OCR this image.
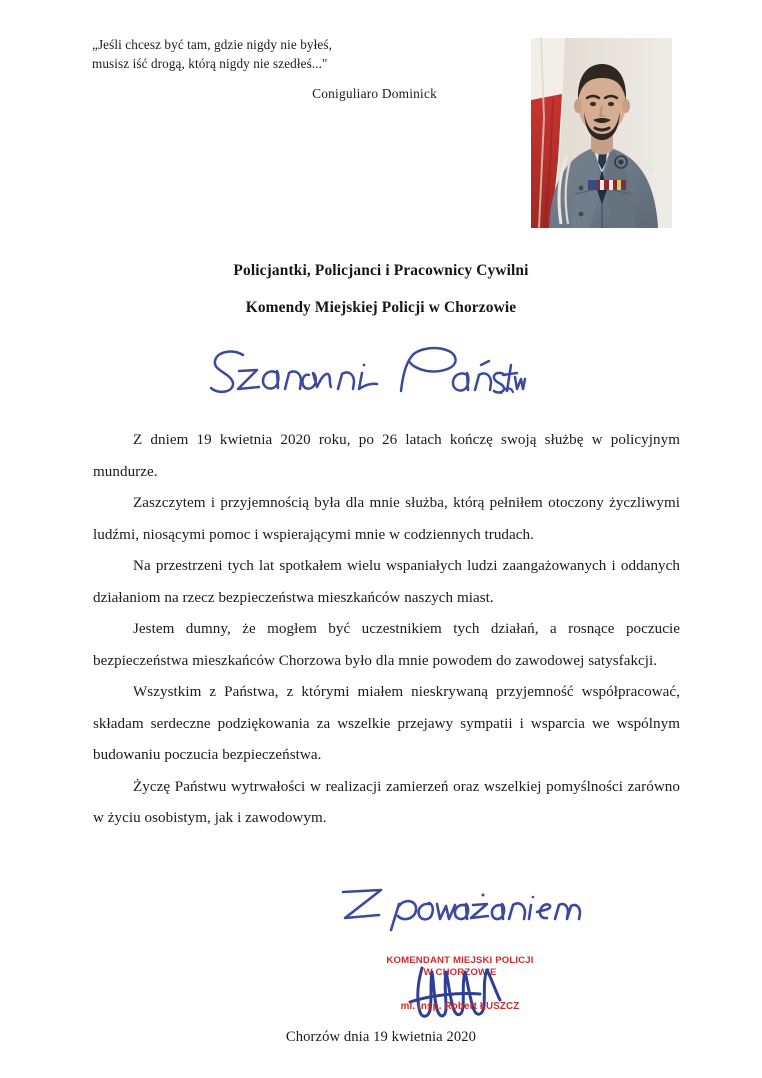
„Jeśli chcesz być tam, gdzie nigdy nie byłeś,
musisz iść drogą, którą nigdy nie szedłeś..."
Coniguliaro Dominick
Policjantki, Policjanci i Pracownicy Cywilni
Komendy Miejskiej Policji w Chorzowie

Z dniem 19 kwietnia 2020 roku, po 26 latach kończę swoją służbę w policyjnym mundurze.

Zaszczytem i przyjemnością była dla mnie służba, którą pełniłem otoczony życzliwymi ludźmi, niosącymi pomoc i wspierającymi mnie w codziennych trudach.

Na przestrzeni tych lat spotkałem wielu wspaniałych ludzi zaangażowanych i oddanych działaniom na rzecz bezpieczeństwa mieszkańców naszych miast.

Jestem dumny, że mogłem być uczestnikiem tych działań, a rosnące poczucie bezpieczeństwa mieszkańców Chorzowa było dla mnie powodem do zawodowej satysfakcji.

Wszystkim z Państwa, z którymi miałem nieskrywaną przyjemność współpracować, składam serdeczne podziękowania za wszelkie przejawy sympatii i wsparcia we wspólnym budowaniu poczucia bezpieczeństwa.

Życzę Państwu wytrwałości w realizacji zamierzeń oraz wszelkiej pomyślności zarówno w życiu osobistym, jak i zawodowym.

KOMENDANT MIEJSKI POLICJI
W CHORZOWIE
ml. insp. Robert ŁUSZCZ
Chorzów dnia 19 kwietnia 2020
